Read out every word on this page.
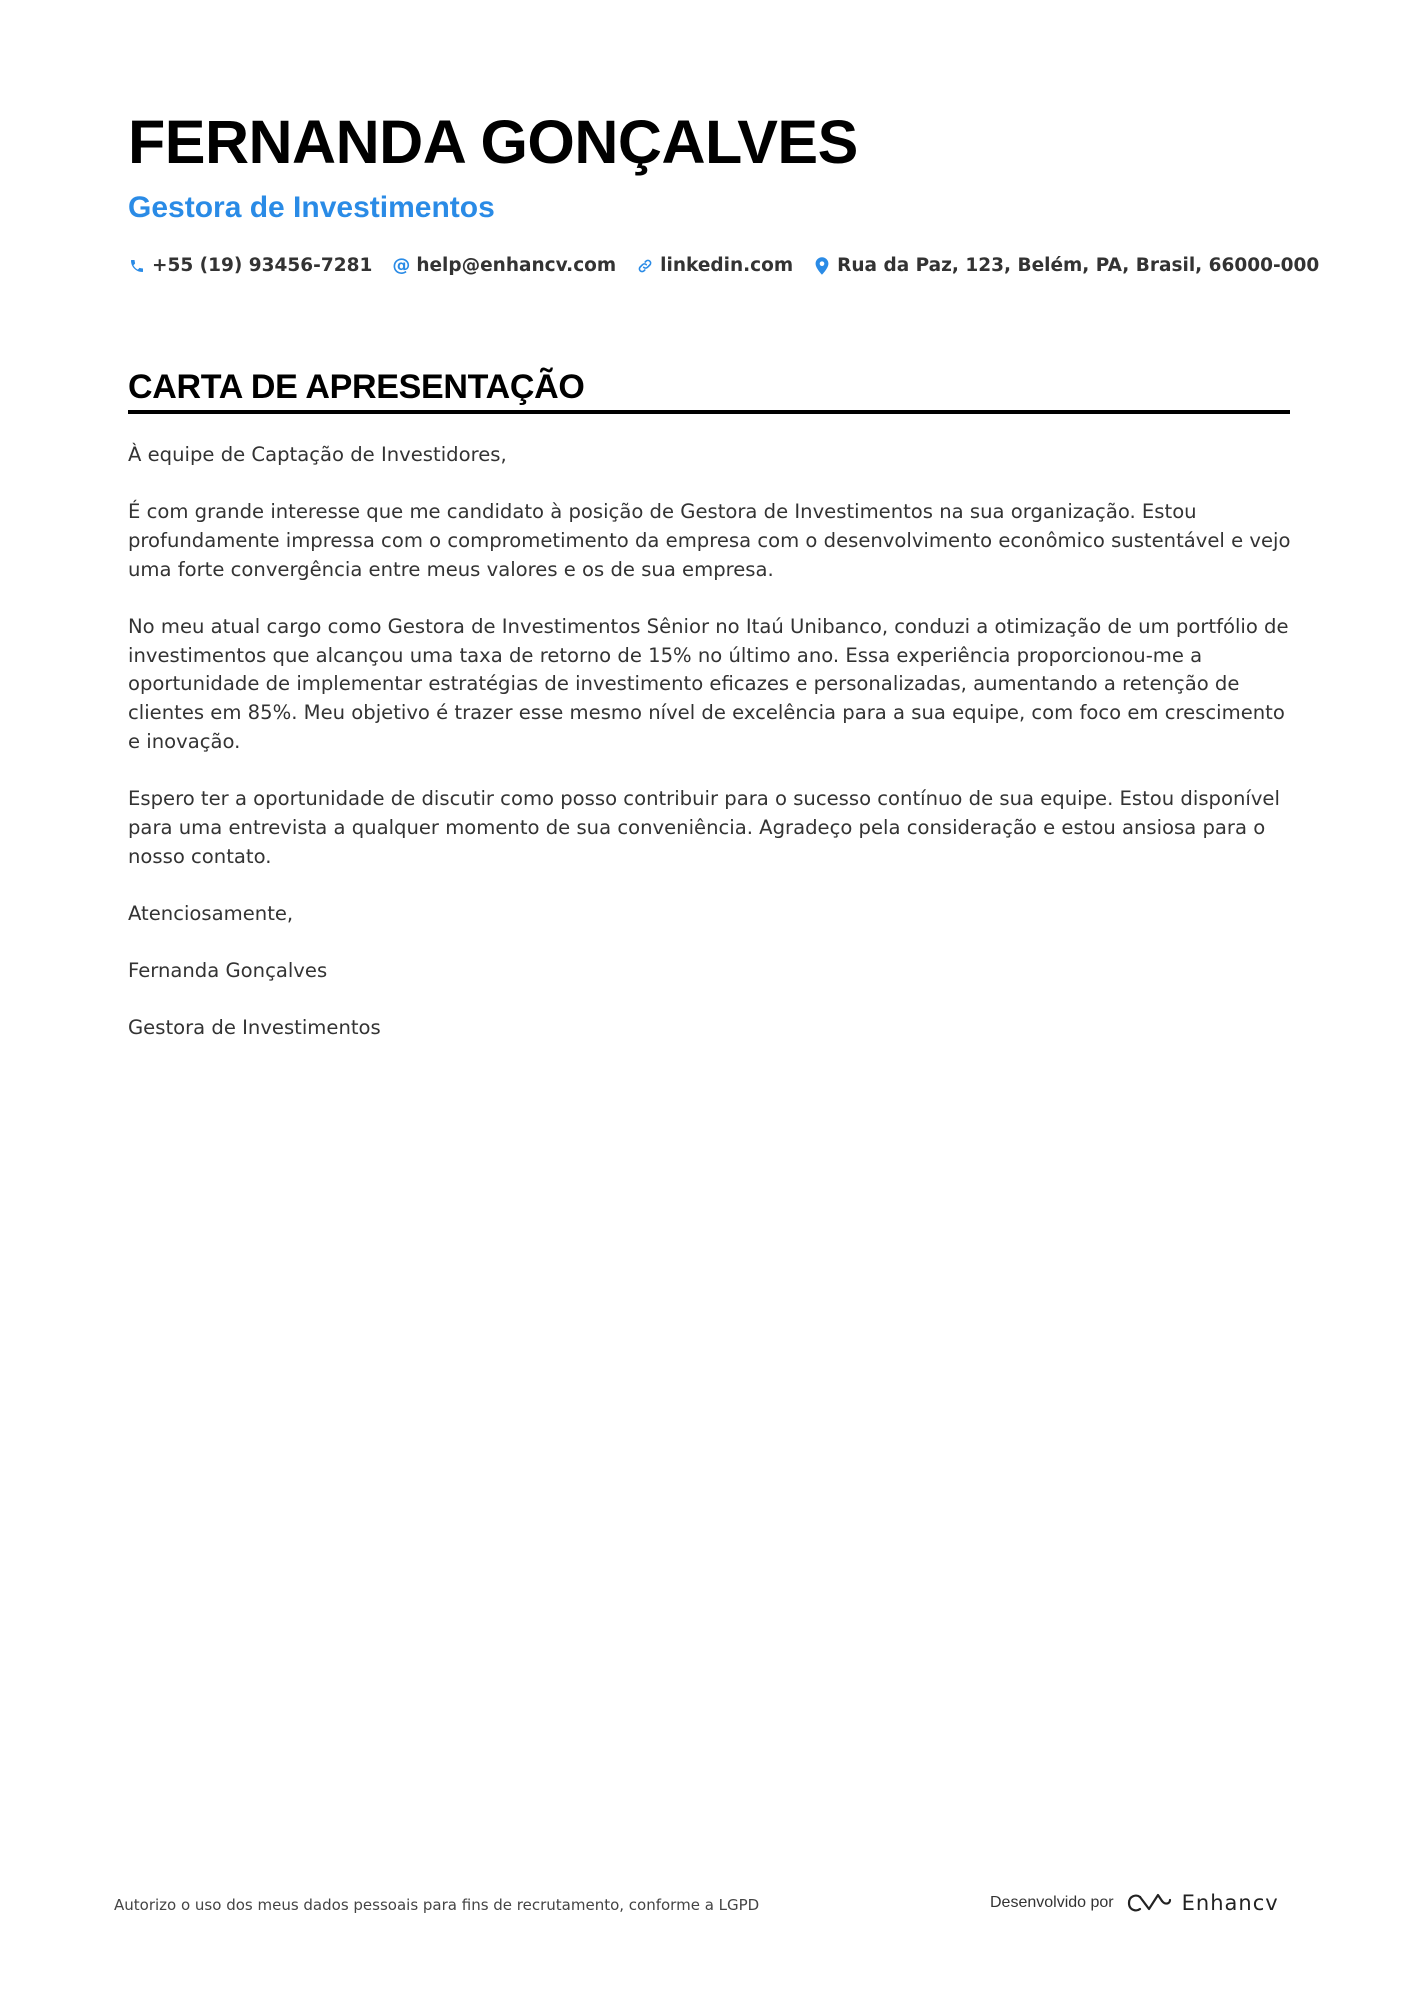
FERNANDA GONÇALVES
Gestora de Investimentos
+55 (19) 93456-7281 @ help@enhancv.com linkedin.com Rua da Paz, 123, Belém, PA, Brasil, 66000-000
CARTA DE APRESENTAÇÃO

À equipe de Captação de Investidores,

É com grande interesse que me candidato à posição de Gestora de Investimentos na sua organização. Estou profundamente impressa com o comprometimento da empresa com o desenvolvimento econômico sustentável e vejo uma forte convergência entre meus valores e os de sua empresa.

No meu atual cargo como Gestora de Investimentos Sênior no Itaú Unibanco, conduzi a otimização de um portfólio de investimentos que alcançou uma taxa de retorno de 15% no último ano. Essa experiência proporcionou-me a oportunidade de implementar estratégias de investimento eficazes e personalizadas, aumentando a retenção de clientes em 85%. Meu objetivo é trazer esse mesmo nível de excelência para a sua equipe, com foco em crescimento e inovação.

Espero ter a oportunidade de discutir como posso contribuir para o sucesso contínuo de sua equipe. Estou disponível para uma entrevista a qualquer momento de sua conveniência. Agradeço pela consideração e estou ansiosa para o nosso contato.

Atenciosamente,

Fernanda Gonçalves

Gestora de Investimentos

Autorizo o uso dos meus dados pessoais para fins de recrutamento, conforme a LGPD	Desenvolvido por	Enhancv
